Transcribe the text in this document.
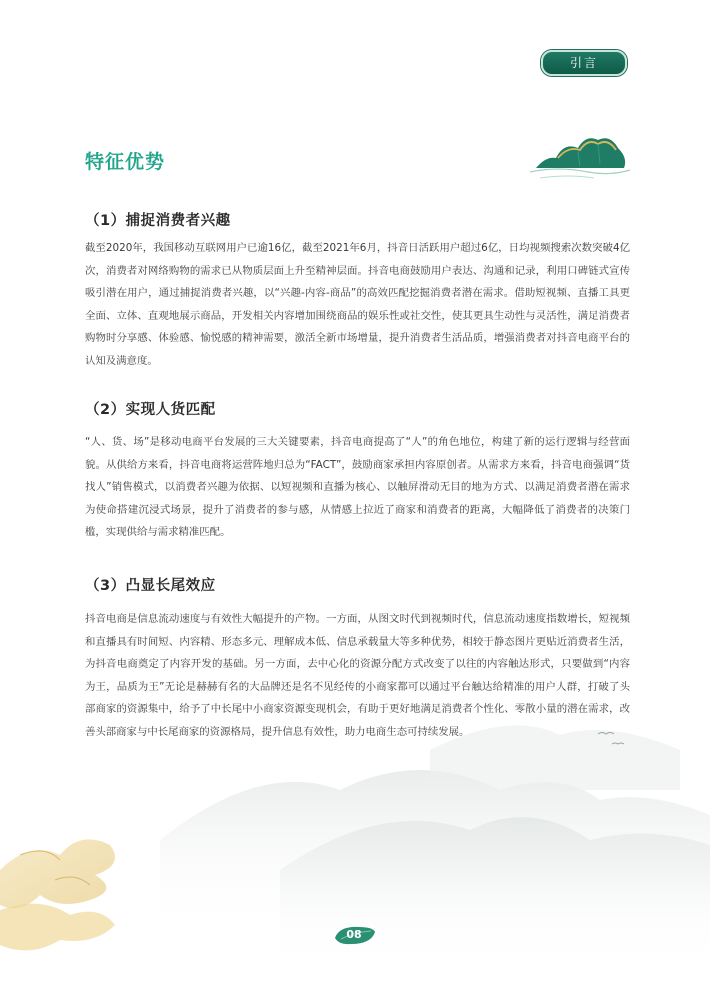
引言
特征优势
（1）捕捉消费者兴趣

截至2020年，我国移动互联网用户已逾16亿，截至2021年6月，抖音日活跃用户超过6亿，日均视频搜索次数突破4亿次，消费者对网络购物的需求已从物质层面上升至精神层面。抖音电商鼓励用户表达、沟通和记录，利用口碑链式宣传吸引潜在用户，通过捕捉消费者兴趣，以“兴趣-内容-商品”的高效匹配挖掘消费者潜在需求。借助短视频、直播工具更全面、立体、直观地展示商品，开发相关内容增加围绕商品的娱乐性或社交性，使其更具生动性与灵活性，满足消费者购物时分享感、体验感、愉悦感的精神需要，激活全新市场增量，提升消费者生活品质，增强消费者对抖音电商平台的认知及满意度。

（2）实现人货匹配

“人、货、场”是移动电商平台发展的三大关键要素，抖音电商提高了“人”的角色地位，构建了新的运行逻辑与经营面貌。从供给方来看，抖音电商将运营阵地归总为“FACT”，鼓励商家承担内容原创者。从需求方来看，抖音电商强调“货找人”销售模式，以消费者兴趣为依据、以短视频和直播为核心、以触屏滑动无目的地为方式、以满足消费者潜在需求为使命搭建沉浸式场景，提升了消费者的参与感，从情感上拉近了商家和消费者的距离，大幅降低了消费者的决策门槛，实现供给与需求精准匹配。

（3）凸显长尾效应

抖音电商是信息流动速度与有效性大幅提升的产物。一方面，从图文时代到视频时代，信息流动速度指数增长，短视频和直播具有时间短、内容精、形态多元、理解成本低、信息承载量大等多种优势，相较于静态图片更贴近消费者生活，为抖音电商奠定了内容开发的基础。另一方面，去中心化的资源分配方式改变了以往的内容触达形式，只要做到“内容为王，品质为王”无论是赫赫有名的大品牌还是名不见经传的小商家都可以通过平台触达给精准的用户人群，打破了头部商家的资源集中，给予了中长尾中小商家资源变现机会，有助于更好地满足消费者个性化、零散小量的潜在需求，改善头部商家与中长尾商家的资源格局，提升信息有效性，助力电商生态可持续发展。

08
